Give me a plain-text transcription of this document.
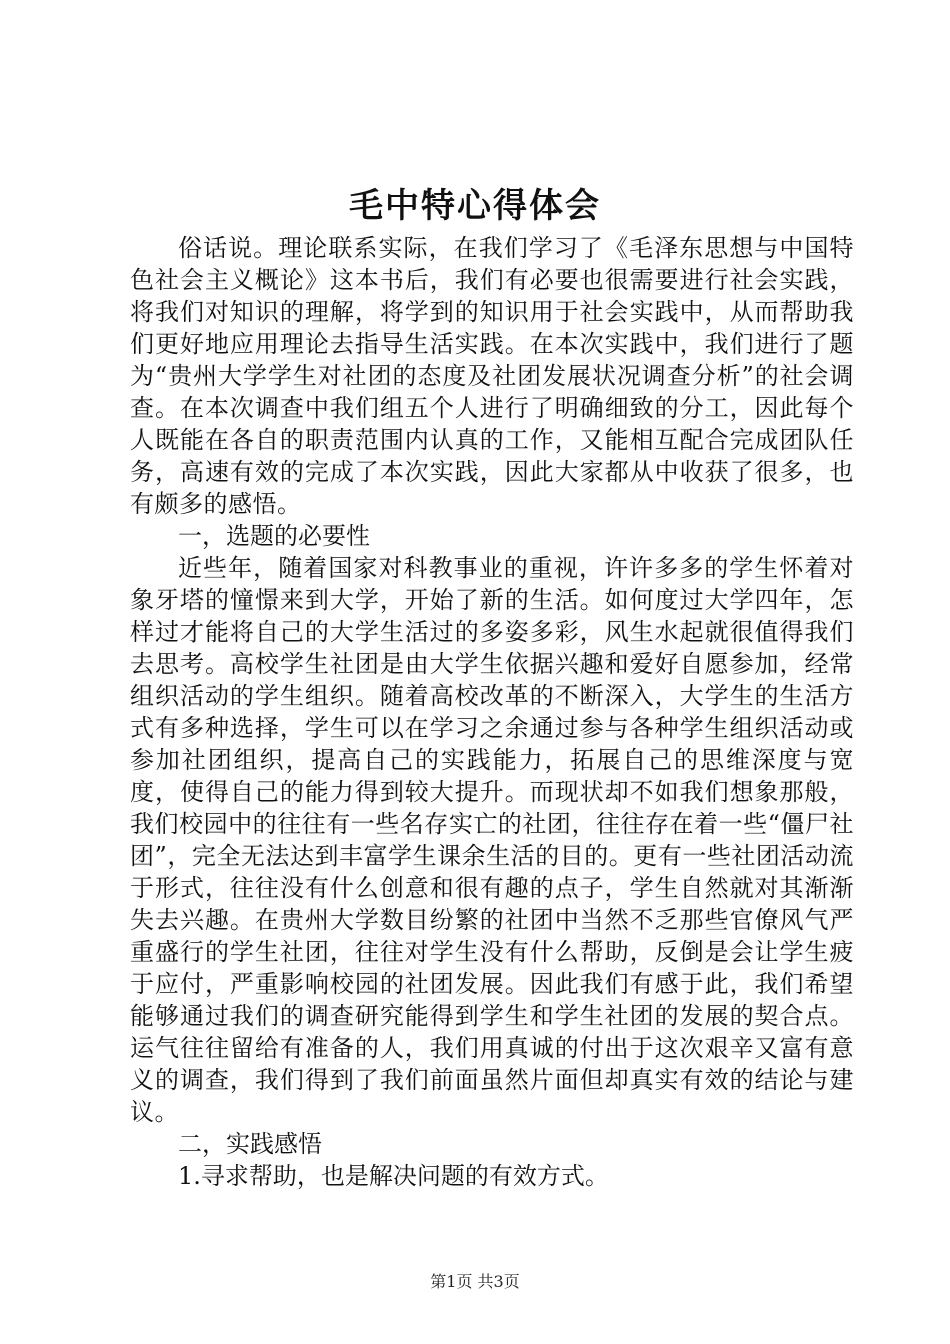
毛中特心得体会

俗话说。理论联系实际，在我们学习了《毛泽东思想与中国特色社会主义概论》这本书后，我们有必要也很需要进行社会实践，将我们对知识的理解，将学到的知识用于社会实践中，从而帮助我们更好地应用理论去指导生活实践。在本次实践中，我们进行了题为“贵州大学学生对社团的态度及社团发展状况调查分析”的社会调查。在本次调查中我们组五个人进行了明确细致的分工，因此每个人既能在各自的职责范围内认真的工作，又能相互配合完成团队任务，高速有效的完成了本次实践，因此大家都从中收获了很多，也有颇多的感悟。

一，选题的必要性

近些年，随着国家对科教事业的重视，许许多多的学生怀着对象牙塔的憧憬来到大学，开始了新的生活。如何度过大学四年，怎样过才能将自己的大学生活过的多姿多彩，风生水起就很值得我们去思考。高校学生社团是由大学生依据兴趣和爱好自愿参加，经常组织活动的学生组织。随着高校改革的不断深入，大学生的生活方式有多种选择，学生可以在学习之余通过参与各种学生组织活动或参加社团组织，提高自己的实践能力，拓展自己的思维深度与宽度，使得自己的能力得到较大提升。而现状却不如我们想象那般，我们校园中的往往有一些名存实亡的社团，往往存在着一些“僵尸社团”，完全无法达到丰富学生课余生活的目的。更有一些社团活动流于形式，往往没有什么创意和很有趣的点子，学生自然就对其渐渐失去兴趣。在贵州大学数目纷繁的社团中当然不乏那些官僚风气严重盛行的学生社团，往往对学生没有什么帮助，反倒是会让学生疲于应付，严重影响校园的社团发展。因此我们有感于此，我们希望能够通过我们的调查研究能得到学生和学生社团的发展的契合点。运气往往留给有准备的人，我们用真诚的付出于这次艰辛又富有意义的调查，我们得到了我们前面虽然片面但却真实有效的结论与建议。

二，实践感悟

1.寻求帮助，也是解决问题的有效方式。

第1页 共3页
